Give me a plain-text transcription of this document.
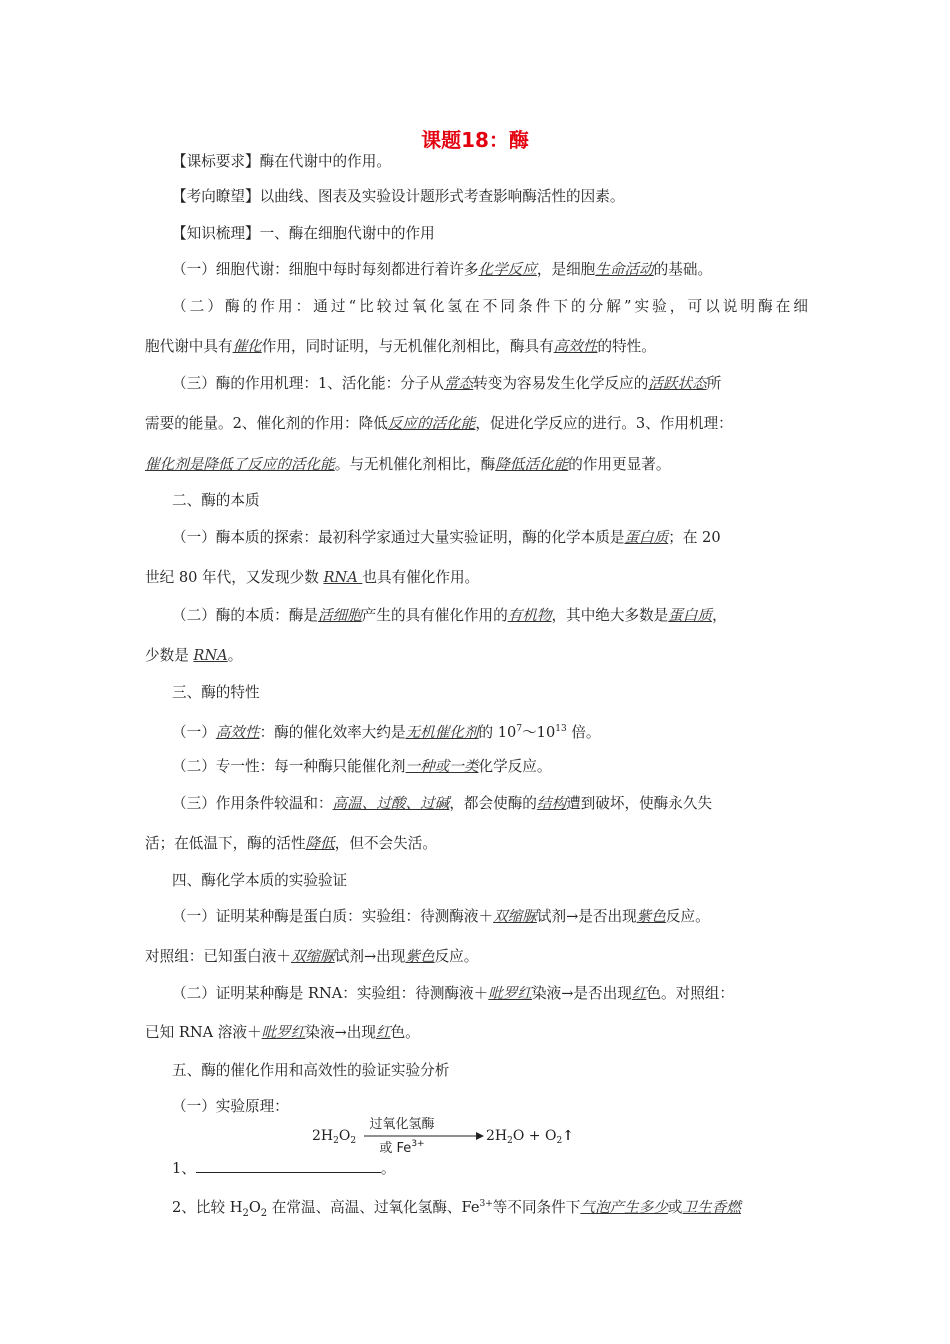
课题18：酶
【课标要求】酶在代谢中的作用。
【考向瞭望】以曲线、图表及实验设计题形式考查影响酶活性的因素。
【知识梳理】一、酶在细胞代谢中的作用
（一）细胞代谢：细胞中每时每刻都进行着许多化学反应，是细胞生命活动的基础。
（二）酶的作用：通过“比较过氧化氢在不同条件下的分解”实验，可以说明酶在细
胞代谢中具有催化作用，同时证明，与无机催化剂相比，酶具有高效性的特性。
（三）酶的作用机理：1、活化能：分子从常态转变为容易发生化学反应的活跃状态所
需要的能量。2、催化剂的作用：降低反应的活化能，促进化学反应的进行。3、作用机理：
催化剂是降低了反应的活化能。与无机催化剂相比，酶降低活化能的作用更显著。
二、酶的本质
（一）酶本质的探索：最初科学家通过大量实验证明，酶的化学本质是蛋白质；在 20
世纪 80 年代，又发现少数 RNA 也具有催化作用。
（二）酶的本质：酶是活细胞产生的具有催化作用的有机物，其中绝大多数是蛋白质，
少数是 RNA。
三、酶的特性
（一）高效性：酶的催化效率大约是无机催化剂的 $10^7\sim 10^{13}$ 倍。
（二）专一性：每一种酶只能催化剂一种或一类化学反应。
（三）作用条件较温和：高温、过酸、过碱，都会使酶的结构遭到破坏，使酶永久失
活；在低温下，酶的活性降低，但不会失活。
四、酶化学本质的实验验证
（一）证明某种酶是蛋白质：实验组：待测酶液＋双缩脲试剂→是否出现紫色反应。
对照组：已知蛋白液＋双缩脲试剂→出现紫色反应。
（二）证明某种酶是 RNA：实验组：待测酶液＋吡罗红染液→是否出现红色。对照组：
已知 RNA 溶液＋吡罗红染液→出现红色。
五、酶的催化作用和高效性的验证实验分析
（一）实验原理：
$2H_2O_2$
过氧化氢酶
或 $Fe^{3+}$	$2H_2O$ + $O_2↑$
1、	。
2、比较 $H_2O_2$ 在常温、高温、过氧化氢酶、$Fe^{3+}$等不同条件下气泡产生多少或卫生香燃
